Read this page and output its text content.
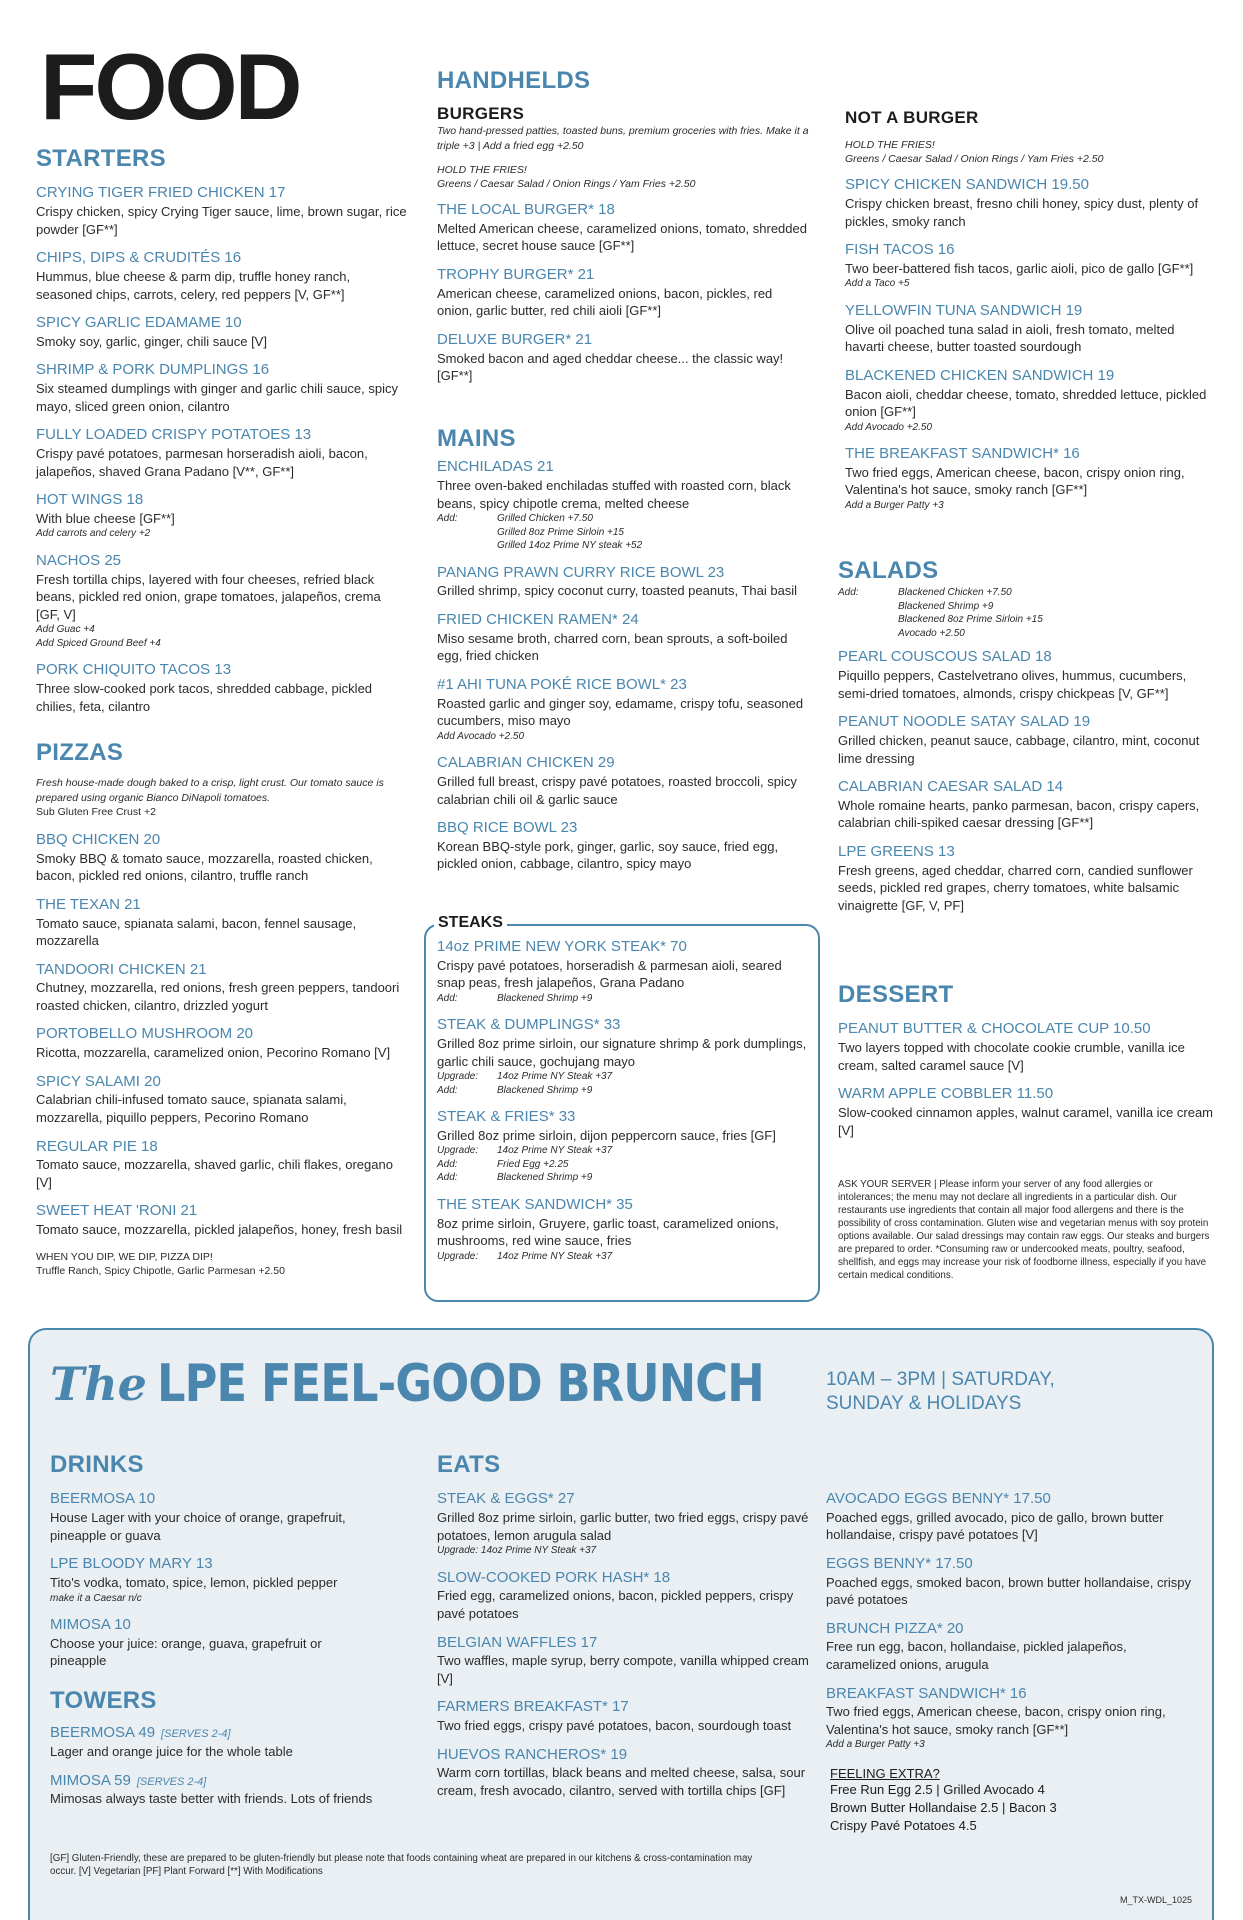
FOOD
STARTERS
CRYING TIGER FRIED CHICKEN 17
Crispy chicken, spicy Crying Tiger sauce, lime, brown sugar, rice powder [GF**]
CHIPS, DIPS & CRUDITÉS 16
Hummus, blue cheese & parm dip, truffle honey ranch, seasoned chips, carrots, celery, red peppers [V, GF**]
SPICY GARLIC EDAMAME 10
Smoky soy, garlic, ginger, chili sauce [V]
SHRIMP & PORK DUMPLINGS 16
Six steamed dumplings with ginger and garlic chili sauce, spicy mayo, sliced green onion, cilantro
FULLY LOADED CRISPY POTATOES 13
Crispy pavé potatoes, parmesan horseradish aioli, bacon, jalapeños, shaved Grana Padano [V**, GF**]
HOT WINGS 18
With blue cheese [GF**]
Add carrots and celery +2
NACHOS 25
Fresh tortilla chips, layered with four cheeses, refried black beans, pickled red onion, grape tomatoes, jalapeños, crema [GF, V]
Add Guac +4
Add Spiced Ground Beef +4
PORK CHIQUITO TACOS 13
Three slow-cooked pork tacos, shredded cabbage, pickled chilies, feta, cilantro
PIZZAS
Fresh house-made dough baked to a crisp, light crust. Our tomato sauce is prepared using organic Bianco DiNapoli tomatoes.
Sub Gluten Free Crust +2
BBQ CHICKEN 20
Smoky BBQ & tomato sauce, mozzarella, roasted chicken, bacon, pickled red onions, cilantro, truffle ranch
THE TEXAN 21
Tomato sauce, spianata salami, bacon, fennel sausage, mozzarella
TANDOORI CHICKEN 21
Chutney, mozzarella, red onions, fresh green peppers, tandoori roasted chicken, cilantro, drizzled yogurt
PORTOBELLO MUSHROOM 20
Ricotta, mozzarella, caramelized onion, Pecorino Romano [V]
SPICY SALAMI 20
Calabrian chili-infused tomato sauce, spianata salami, mozzarella, piquillo peppers, Pecorino Romano
REGULAR PIE 18
Tomato sauce, mozzarella, shaved garlic, chili flakes, oregano [V]
SWEET HEAT 'RONI 21
Tomato sauce, mozzarella, pickled jalapeños, honey, fresh basil
WHEN YOU DIP, WE DIP, PIZZA DIP!
Truffle Ranch, Spicy Chipotle, Garlic Parmesan +2.50
HANDHELDS
BURGERS
Two hand-pressed patties, toasted buns, premium groceries with fries. Make it a triple +3 | Add a fried egg +2.50
HOLD THE FRIES!
Greens / Caesar Salad / Onion Rings / Yam Fries +2.50
THE LOCAL BURGER* 18
Melted American cheese, caramelized onions, tomato, shredded lettuce, secret house sauce [GF**]
TROPHY BURGER* 21
American cheese, caramelized onions, bacon, pickles, red onion, garlic butter, red chili aioli [GF**]
DELUXE BURGER* 21
Smoked bacon and aged cheddar cheese... the classic way! [GF**]
MAINS
ENCHILADAS 21
Three oven-baked enchiladas stuffed with roasted corn, black beans, spicy chipotle crema, melted cheese
Add:	Grilled Chicken +7.50
Grilled 8oz Prime Sirloin +15
Grilled 14oz Prime NY steak +52
PANANG PRAWN CURRY RICE BOWL 23
Grilled shrimp, spicy coconut curry, toasted peanuts, Thai basil
FRIED CHICKEN RAMEN* 24
Miso sesame broth, charred corn, bean sprouts, a soft-boiled egg, fried chicken
#1 AHI TUNA POKÉ RICE BOWL* 23
Roasted garlic and ginger soy, edamame, crispy tofu, seasoned cucumbers, miso mayo
Add Avocado +2.50
CALABRIAN CHICKEN 29
Grilled full breast, crispy pavé potatoes, roasted broccoli, spicy calabrian chili oil & garlic sauce
BBQ RICE BOWL 23
Korean BBQ-style pork, ginger, garlic, soy sauce, fried egg, pickled onion, cabbage, cilantro, spicy mayo
STEAKS
14oz PRIME NEW YORK STEAK* 70
Crispy pavé potatoes, horseradish & parmesan aioli, seared snap peas, fresh jalapeños, Grana Padano
Add:	Blackened Shrimp +9
STEAK & DUMPLINGS* 33
Grilled 8oz prime sirloin, our signature shrimp & pork dumplings, garlic chili sauce, gochujang mayo
Upgrade:	14oz Prime NY Steak +37
Add:	Blackened Shrimp +9
STEAK & FRIES* 33
Grilled 8oz prime sirloin, dijon peppercorn sauce, fries [GF]
Upgrade:	14oz Prime NY Steak +37
Add:	Fried Egg +2.25
Add:	Blackened Shrimp +9
THE STEAK SANDWICH* 35
8oz prime sirloin, Gruyere, garlic toast, caramelized onions, mushrooms, red wine sauce, fries
Upgrade:	14oz Prime NY Steak +37
NOT A BURGER
HOLD THE FRIES!
Greens / Caesar Salad / Onion Rings / Yam Fries +2.50
SPICY CHICKEN SANDWICH 19.50
Crispy chicken breast, fresno chili honey, spicy dust, plenty of pickles, smoky ranch
FISH TACOS 16
Two beer-battered fish tacos, garlic aioli, pico de gallo [GF**]
Add a Taco +5
YELLOWFIN TUNA SANDWICH 19
Olive oil poached tuna salad in aioli, fresh tomato, melted havarti cheese, butter toasted sourdough
BLACKENED CHICKEN SANDWICH 19
Bacon aioli, cheddar cheese, tomato, shredded lettuce, pickled onion [GF**]
Add Avocado +2.50
THE BREAKFAST SANDWICH* 16
Two fried eggs, American cheese, bacon, crispy onion ring, Valentina's hot sauce, smoky ranch [GF**]
Add a Burger Patty +3
SALADS
Add:	Blackened Chicken +7.50
Blackened Shrimp +9
Blackened 8oz Prime Sirloin +15
Avocado +2.50
PEARL COUSCOUS SALAD 18
Piquillo peppers, Castelvetrano olives, hummus, cucumbers, semi-dried tomatoes, almonds, crispy chickpeas [V, GF**]
PEANUT NOODLE SATAY SALAD 19
Grilled chicken, peanut sauce, cabbage, cilantro, mint, coconut lime dressing
CALABRIAN CAESAR SALAD 14
Whole romaine hearts, panko parmesan, bacon, crispy capers, calabrian chili-spiked caesar dressing [GF**]
LPE GREENS 13
Fresh greens, aged cheddar, charred corn, candied sunflower seeds, pickled red grapes, cherry tomatoes, white balsamic vinaigrette [GF, V, PF]
DESSERT
PEANUT BUTTER & CHOCOLATE CUP 10.50
Two layers topped with chocolate cookie crumble, vanilla ice cream, salted caramel sauce [V]
WARM APPLE COBBLER 11.50
Slow-cooked cinnamon apples, walnut caramel, vanilla ice cream [V]
ASK YOUR SERVER | Please inform your server of any food allergies or intolerances; the menu may not declare all ingredients in a particular dish. Our restaurants use ingredients that contain all major food allergens and there is the possibility of cross contamination. Gluten wise and vegetarian menus with soy protein options available. Our salad dressings may contain raw eggs. Our steaks and burgers are prepared to order. *Consuming raw or undercooked meats, poultry, seafood, shellfish, and eggs may increase your risk of foodborne illness, especially if you have certain medical conditions.
The LPE FEEL-GOOD BRUNCH	10AM – 3PM | SATURDAY, SUNDAY & HOLIDAYS
DRINKS
BEERMOSA 10
House Lager with your choice of orange, grapefruit, pineapple or guava
LPE BLOODY MARY 13
Tito's vodka, tomato, spice, lemon, pickled pepper
make it a Caesar n/c
MIMOSA 10
Choose your juice: orange, guava, grapefruit or pineapple
TOWERS
BEERMOSA 49 [SERVES 2-4]
Lager and orange juice for the whole table
MIMOSA 59 [SERVES 2-4]
Mimosas always taste better with friends. Lots of friends
EATS
STEAK & EGGS* 27
Grilled 8oz prime sirloin, garlic butter, two fried eggs, crispy pavé potatoes, lemon arugula salad
Upgrade: 14oz Prime NY Steak +37
SLOW-COOKED PORK HASH* 18
Fried egg, caramelized onions, bacon, pickled peppers, crispy pavé potatoes
BELGIAN WAFFLES 17
Two waffles, maple syrup, berry compote, vanilla whipped cream [V]
FARMERS BREAKFAST* 17
Two fried eggs, crispy pavé potatoes, bacon, sourdough toast
HUEVOS RANCHEROS* 19
Warm corn tortillas, black beans and melted cheese, salsa, sour cream, fresh avocado, cilantro, served with tortilla chips [GF]
AVOCADO EGGS BENNY* 17.50
Poached eggs, grilled avocado, pico de gallo, brown butter hollandaise, crispy pavé potatoes [V]
EGGS BENNY* 17.50
Poached eggs, smoked bacon, brown butter hollandaise, crispy pavé potatoes
BRUNCH PIZZA* 20
Free run egg, bacon, hollandaise, pickled jalapeños, caramelized onions, arugula
BREAKFAST SANDWICH* 16
Two fried eggs, American cheese, bacon, crispy onion ring, Valentina's hot sauce, smoky ranch [GF**]
Add a Burger Patty +3
FEELING EXTRA?
Free Run Egg 2.5 | Grilled Avocado 4
Brown Butter Hollandaise 2.5 | Bacon 3
Crispy Pavé Potatoes 4.5
[GF] Gluten-Friendly, these are prepared to be gluten-friendly but please note that foods containing wheat are prepared in our kitchens & cross-contamination may occur. [V] Vegetarian [PF] Plant Forward [**] With Modifications
M_TX-WDL_1025
